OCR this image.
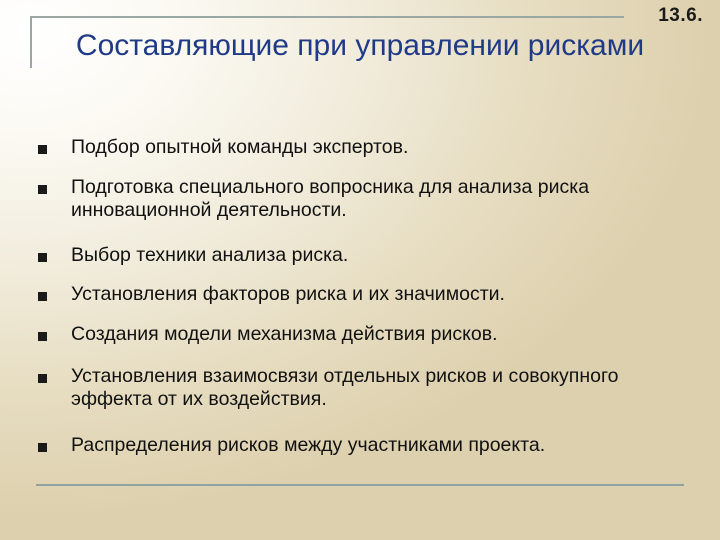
13.6.
Составляющие при управлении рисками
Подбор опытной команды экспертов.
Подготовка специального вопросника для анализа риска инновационной деятельности.
Выбор техники анализа риска.
Установления факторов риска и их значимости.
Создания модели механизма действия рисков.
Установления взаимосвязи отдельных рисков и совокупного эффекта от их воздействия.
Распределения рисков между участниками проекта.
